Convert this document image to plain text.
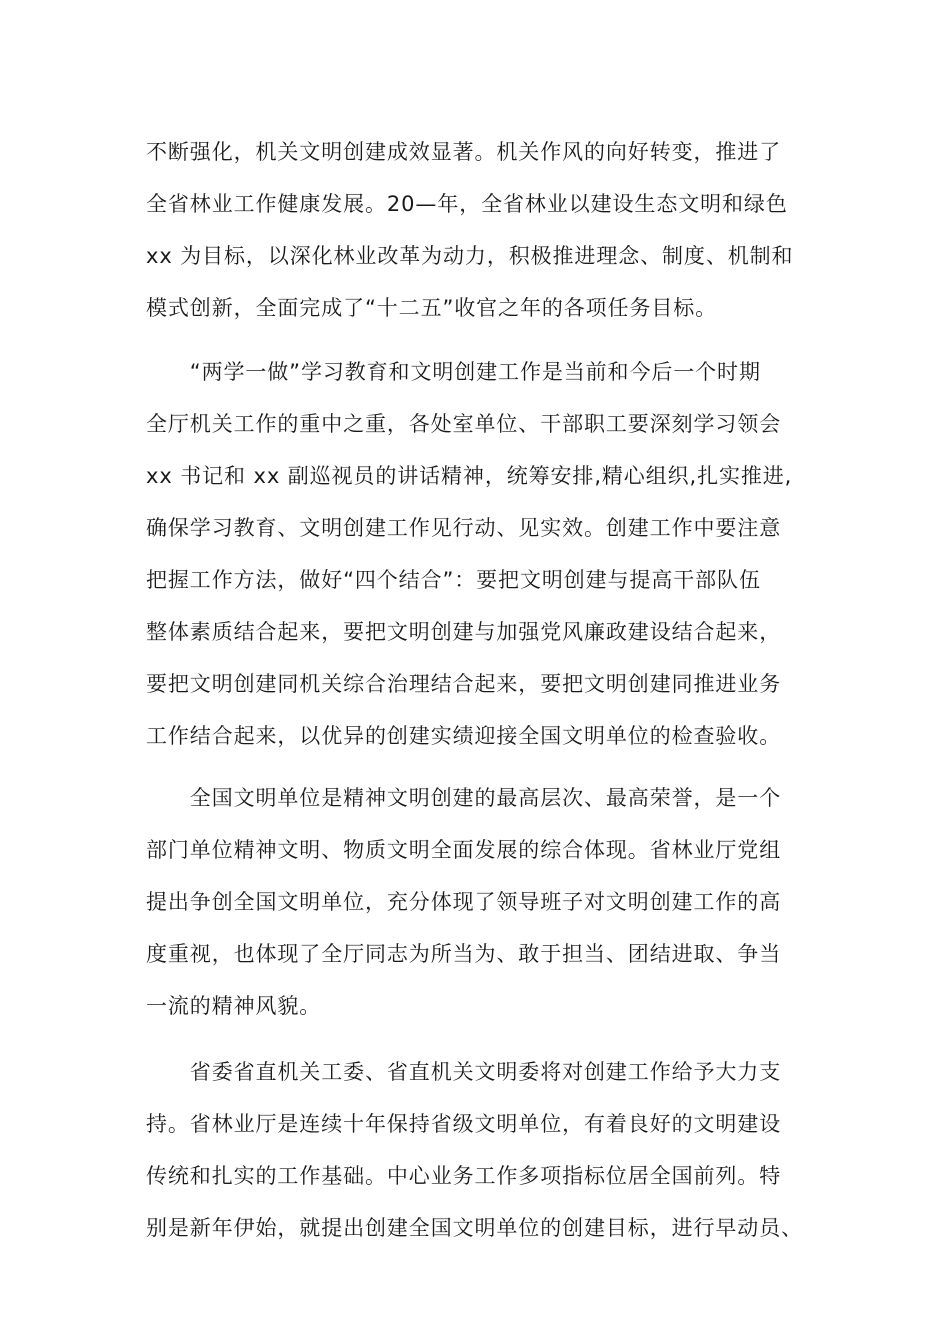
不断强化，机关文明创建成效显著。机关作风的向好转变，推进了
全省林业工作健康发展。20—年，全省林业以建设生态文明和绿色
xx 为目标，以深化林业改革为动力，积极推进理念、制度、机制和
模式创新，全面完成了“十二五”收官之年的各项任务目标。
　　“两学一做”学习教育和文明创建工作是当前和今后一个时期
全厅机关工作的重中之重，各处室单位、干部职工要深刻学习领会
xx 书记和 xx 副巡视员的讲话精神，统筹安排,精心组织,扎实推进,
确保学习教育、文明创建工作见行动、见实效。创建工作中要注意
把握工作方法，做好“四个结合”：要把文明创建与提高干部队伍
整体素质结合起来，要把文明创建与加强党风廉政建设结合起来，
要把文明创建同机关综合治理结合起来，要把文明创建同推进业务
工作结合起来，以优异的创建实绩迎接全国文明单位的检查验收。
　　全国文明单位是精神文明创建的最高层次、最高荣誉，是一个
部门单位精神文明、物质文明全面发展的综合体现。省林业厅党组
提出争创全国文明单位，充分体现了领导班子对文明创建工作的高
度重视，也体现了全厅同志为所当为、敢于担当、团结进取、争当
一流的精神风貌。
　　省委省直机关工委、省直机关文明委将对创建工作给予大力支
持。省林业厅是连续十年保持省级文明单位，有着良好的文明建设
传统和扎实的工作基础。中心业务工作多项指标位居全国前列。特
别是新年伊始，就提出创建全国文明单位的创建目标，进行早动员、
